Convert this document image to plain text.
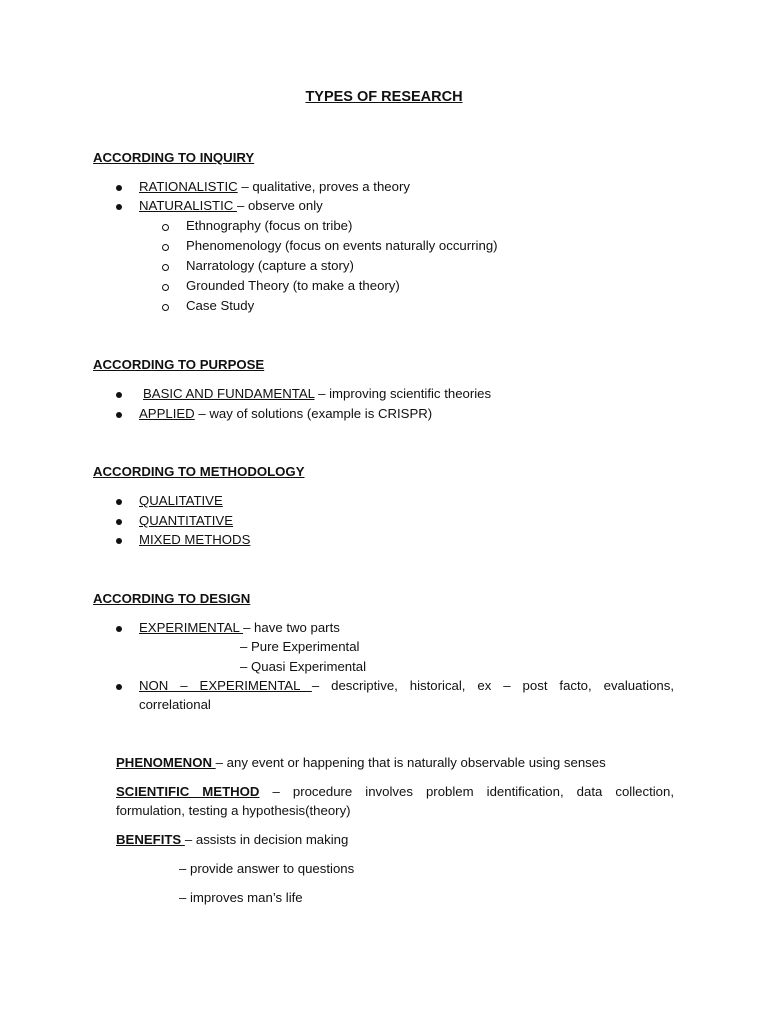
TYPES OF RESEARCH
ACCORDING TO INQUIRY
RATIONALISTIC – qualitative, proves a theory
NATURALISTIC – observe only
Ethnography (focus on tribe)
Phenomenology (focus on events naturally occurring)
Narratology (capture a story)
Grounded Theory (to make a theory)
Case Study
ACCORDING TO PURPOSE
BASIC AND FUNDAMENTAL – improving scientific theories
APPLIED – way of solutions (example is CRISPR)
ACCORDING TO METHODOLOGY
QUALITATIVE
QUANTITATIVE
MIXED METHODS
ACCORDING TO DESIGN
EXPERIMENTAL – have two parts
– Pure Experimental
– Quasi Experimental
NON – EXPERIMENTAL – descriptive, historical, ex – post facto, evaluations,
correlational
PHENOMENON – any event or happening that is naturally observable using senses
SCIENTIFIC METHOD – procedure involves problem identification, data collection,
formulation, testing a hypothesis(theory)
BENEFITS – assists in decision making
– provide answer to questions
– improves man’s life
